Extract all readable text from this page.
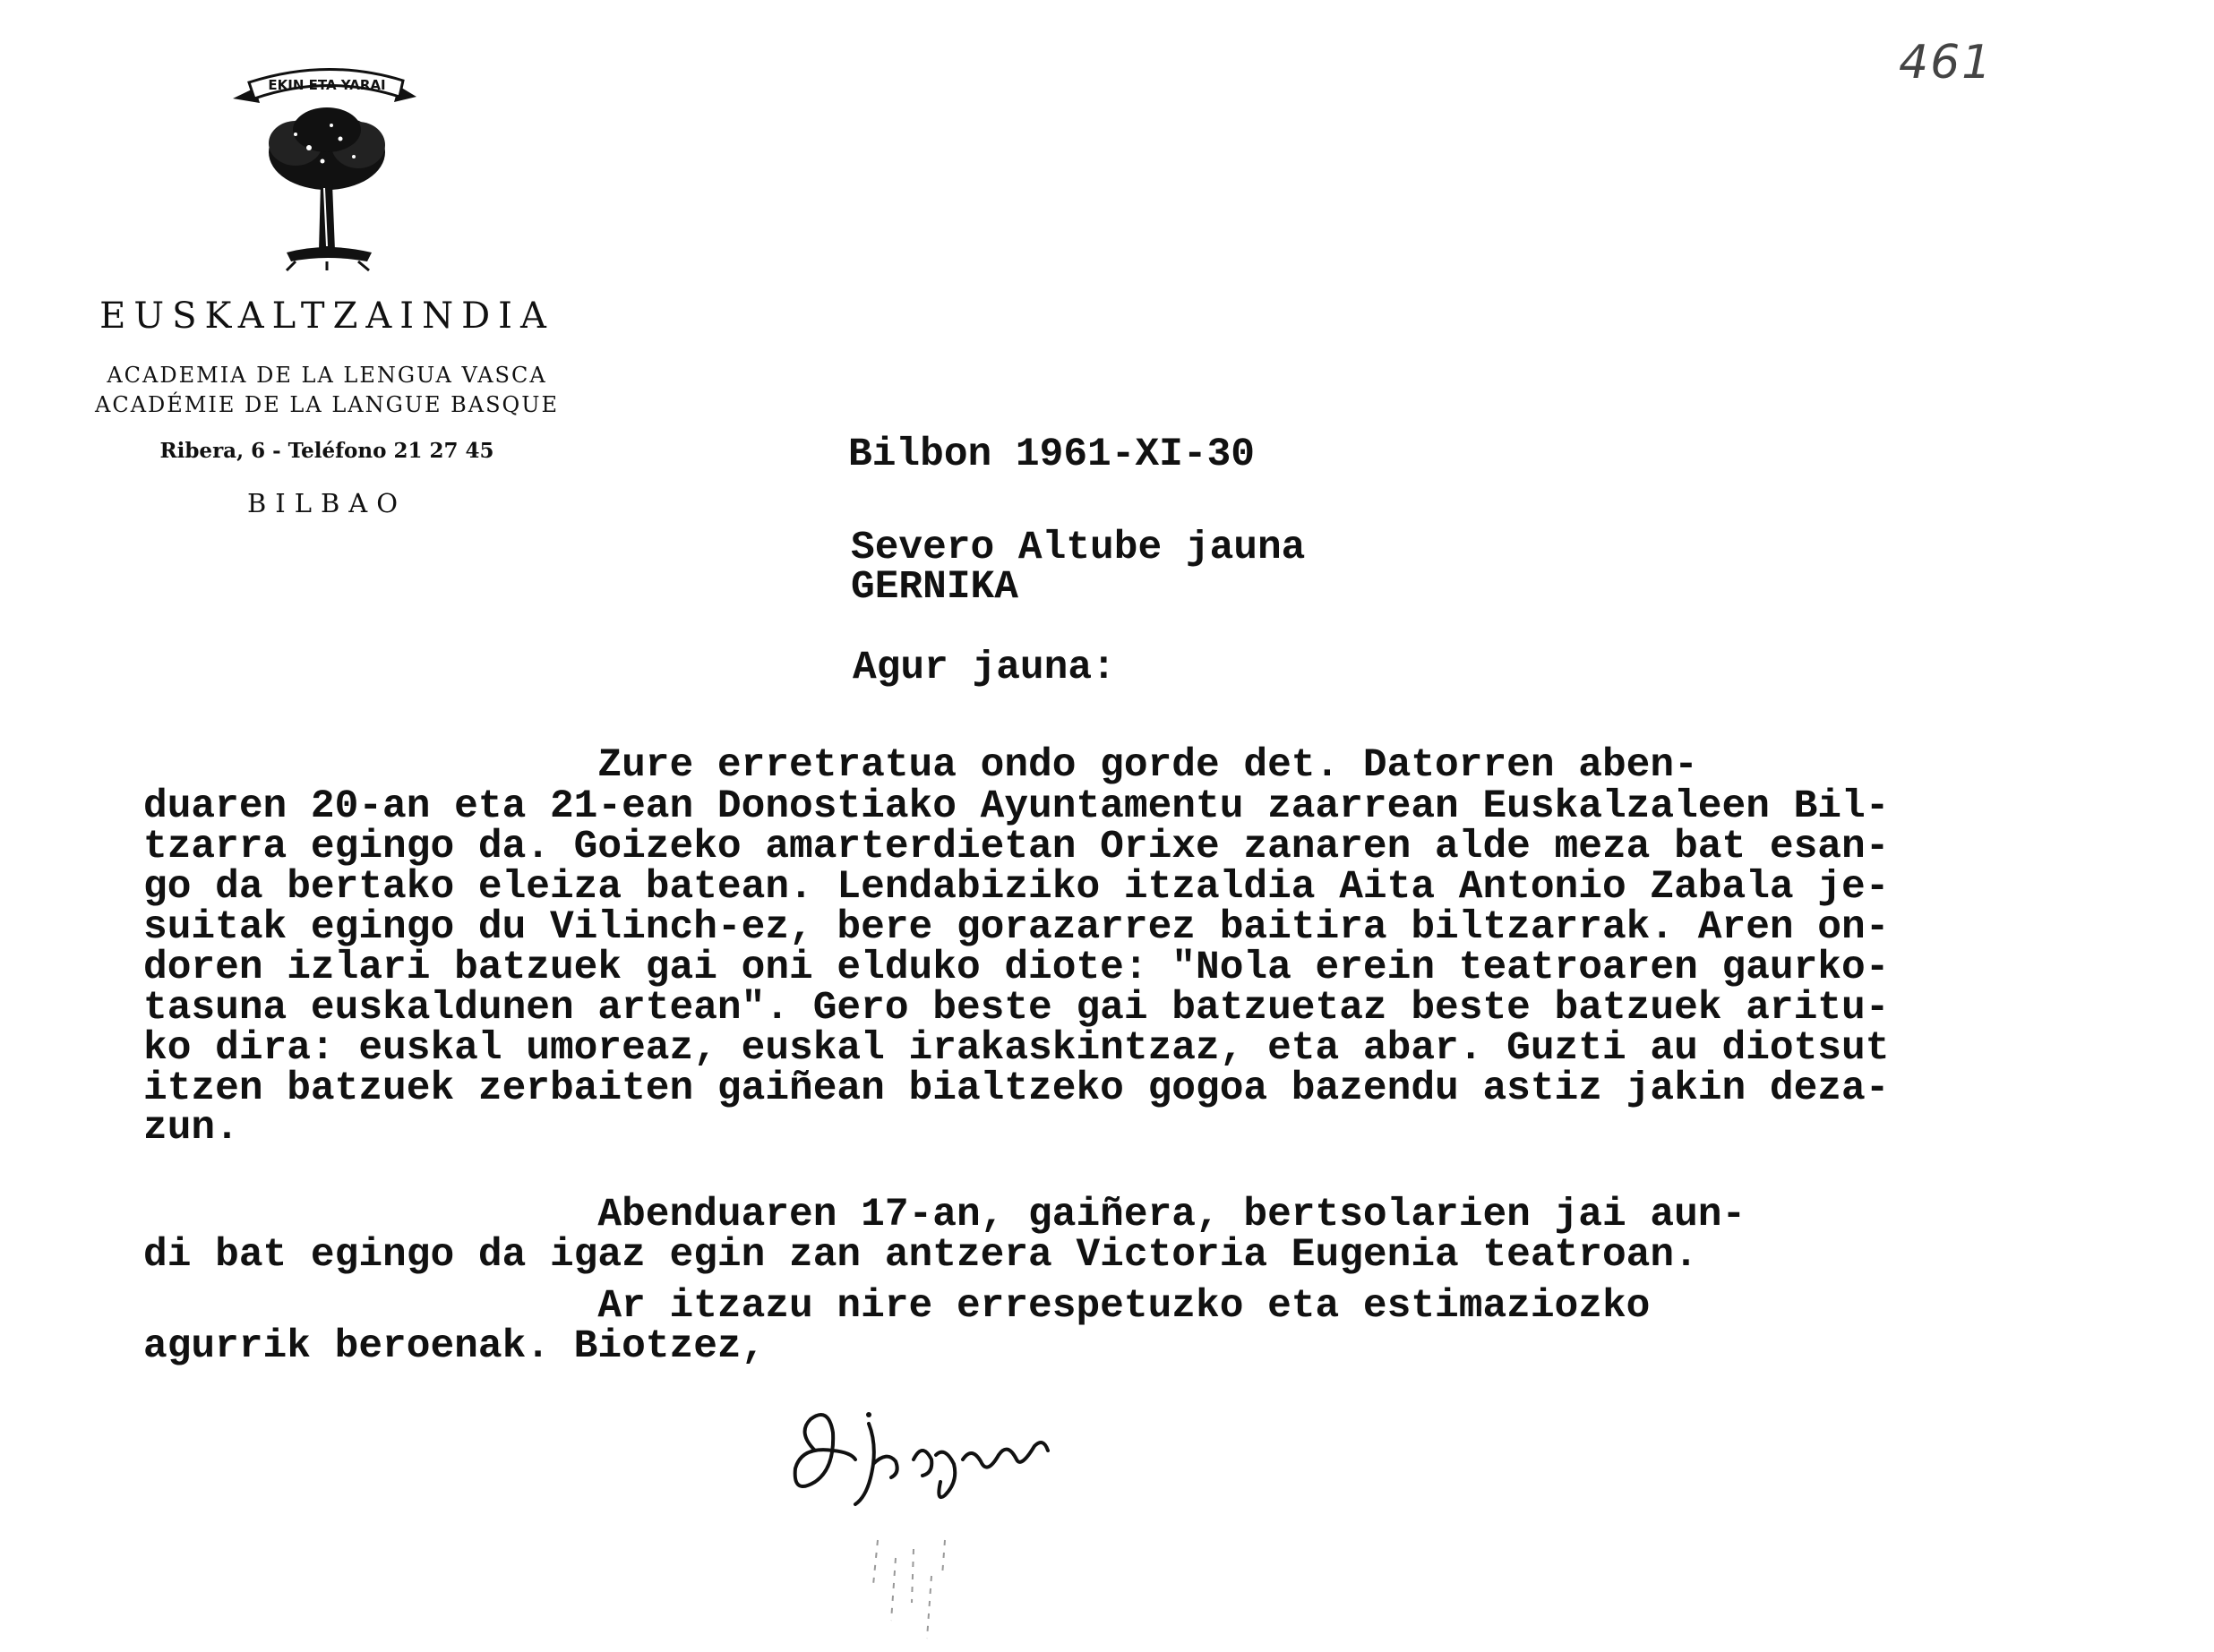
EKIN ETA YARAI
EUSKALTZAINDIA
ACADEMIA DE LA LENGUA VASCA
ACADÉMIE DE LA LANGUE BASQUE
Ribera, 6 - Teléfono 21 27 45
BILBAO
461
Bilbon 1961-XI-30
Severo Altube jauna
GERNIKA
Agur jauna:
Zure erretratua ondo gorde det. Datorren aben-
duaren 20-an eta 21-ean Donostiako Ayuntamentu zaarrean Euskalzaleen Bil-
tzarra egingo da. Goizeko amarterdietan Orixe zanaren alde meza bat esan-
go da bertako eleiza batean. Lendabiziko itzaldia Aita Antonio Zabala je-
suitak egingo du Vilinch-ez, bere gorazarrez baitira biltzarrak. Aren on-
doren izlari batzuek gai oni elduko diote: "Nola erein teatroaren gaurko-
tasuna euskaldunen artean". Gero beste gai batzuetaz beste batzuek aritu-
ko dira: euskal umoreaz, euskal irakaskintzaz, eta abar. Guzti au diotsut
itzen batzuek zerbaiten gaiñean bialtzeko gogoa bazendu astiz jakin deza-
zun.
Abenduaren 17-an, gaiñera, bertsolarien jai aun-
di bat egingo da igaz egin zan antzera Victoria Eugenia teatroan.
Ar itzazu nire errespetuzko eta estimaziozko
agurrik beroenak. Biotzez,
